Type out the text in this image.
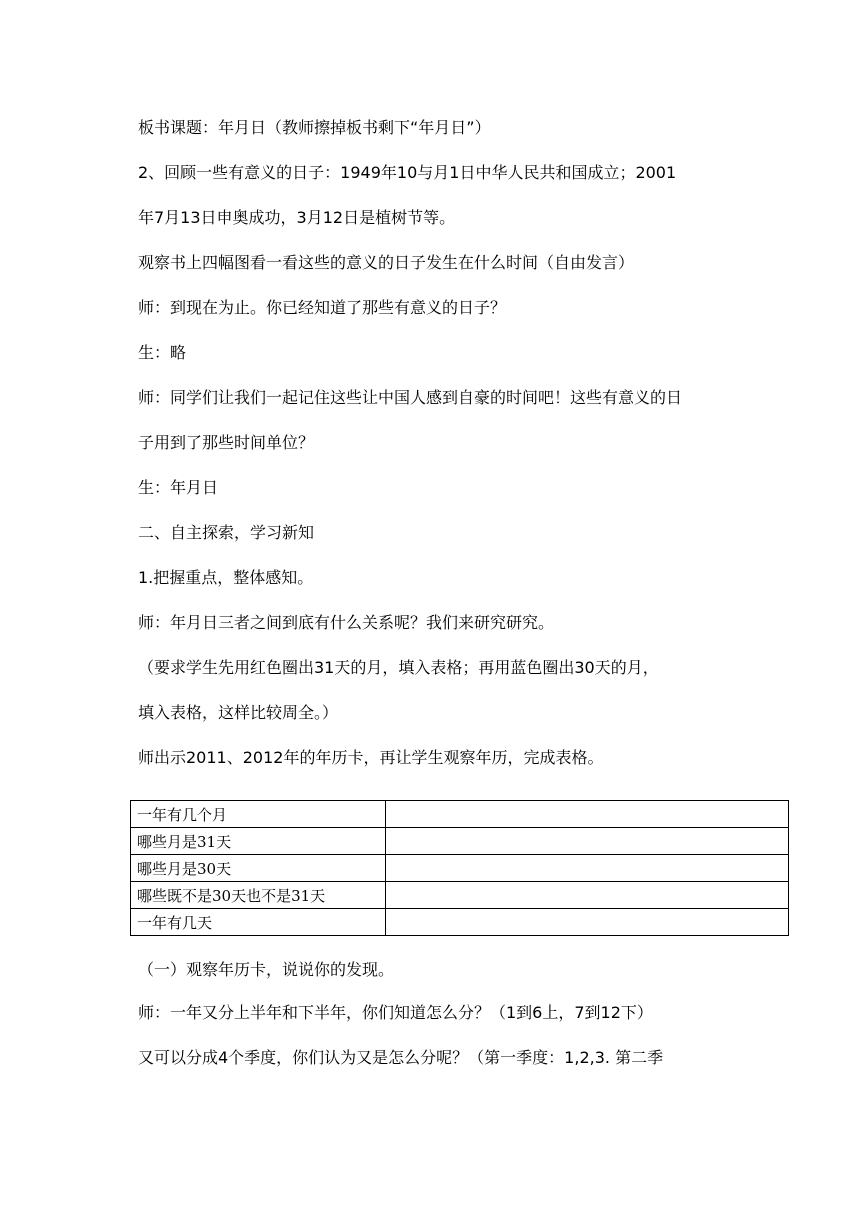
板书课题：年月日（教师擦掉板书剩下“年月日”）
2、回顾一些有意义的日子：1949年10与月1日中华人民共和国成立；2001
年7月13日申奥成功，3月12日是植树节等。
观察书上四幅图看一看这些的意义的日子发生在什么时间（自由发言）
师：到现在为止。你已经知道了那些有意义的日子？
生：略
师：同学们让我们一起记住这些让中国人感到自豪的时间吧！这些有意义的日
子用到了那些时间单位？
生：年月日
二、自主探索，学习新知
1.把握重点，整体感知。
师：年月日三者之间到底有什么关系呢？我们来研究研究。
（要求学生先用红色圈出31天的月，填入表格；再用蓝色圈出30天的月，
填入表格，这样比较周全。）
师出示2011、2012年的年历卡，再让学生观察年历，完成表格。
一年有几个月	
哪些月是31天	
哪些月是30天	
哪些既不是30天也不是31天	
一年有几天	
（一）观察年历卡，说说你的发现。
师：一年又分上半年和下半年，你们知道怎么分？（1到6上，7到12下）
又可以分成4个季度，你们认为又是怎么分呢？（第一季度：1,2,3. 第二季
